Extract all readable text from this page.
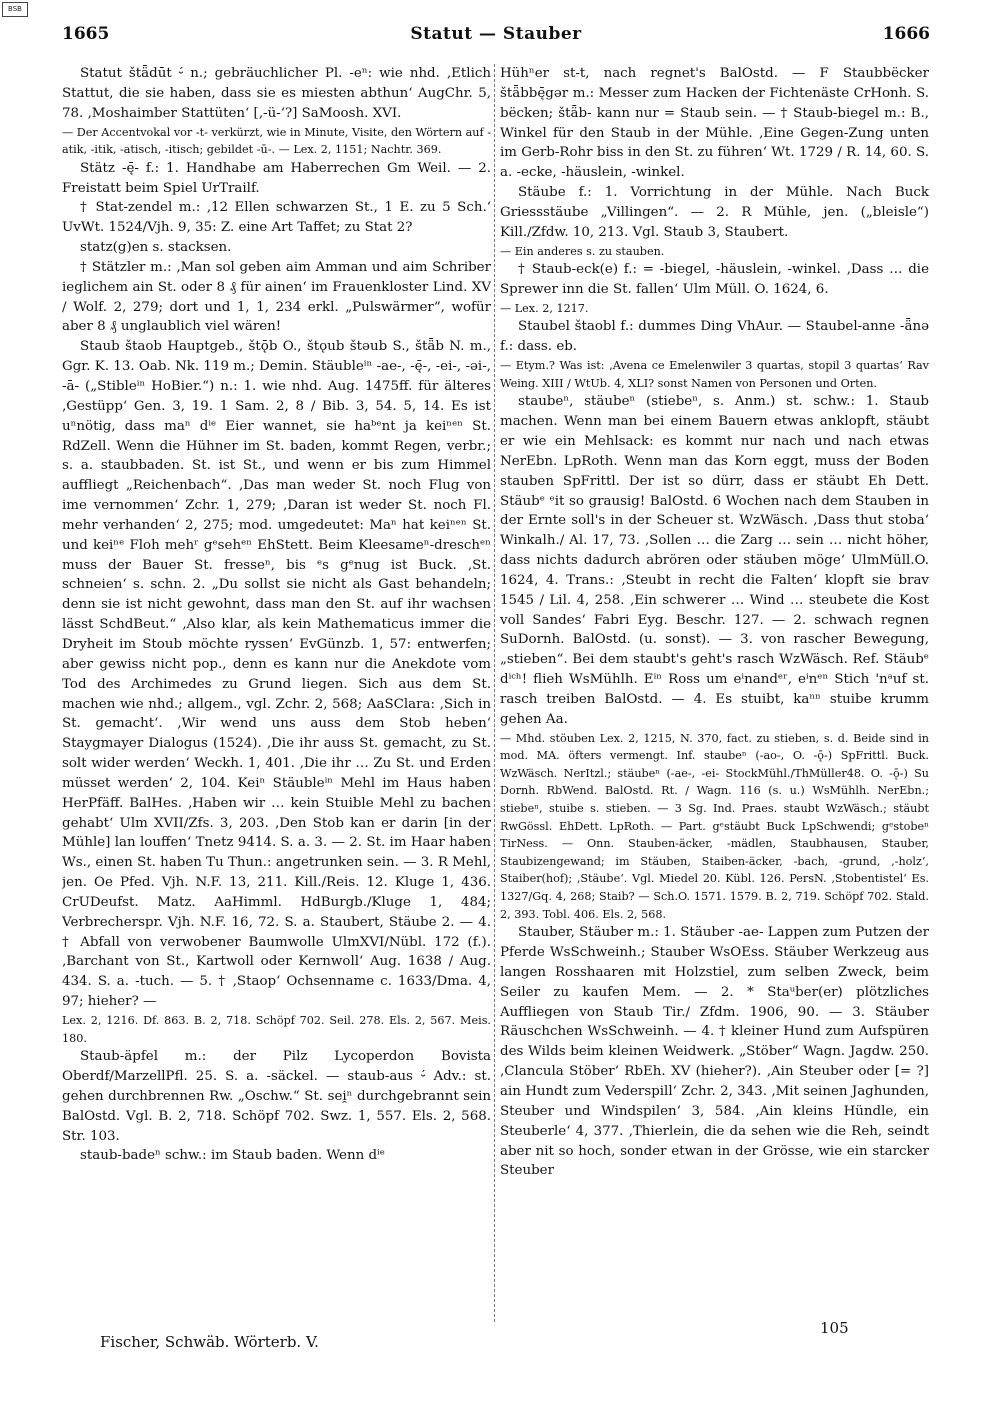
BSB
1665	Statut — Stauber	1666

Statut štǟdūt ⏑́ n.; gebräuchlicher Pl. -eⁿ: wie nhd. ‚Etlich Stattut, die sie haben, dass sie es miesten abthun‘ AugChr. 5, 78. ‚Moshaimber Stattüten‘ [‚-ü-‘?] SaMoosh. XVI.

— Der Accentvokal vor -t- verkürzt, wie in Minute, Visite, den Wörtern auf -atik, -itik, -atisch, -itisch; gebildet -ū-. — Lex. 2, 1151; Nachtr. 369.

Stätz -ę̄- f.: 1. Handhabe am Haberrechen Gm Weil. — 2. Freistatt beim Spiel UrTrailf.

† Stat-zendel m.: ‚12 Ellen schwarzen St., 1 E. zu 5 Sch.‘ UvWt. 1524/Vjh. 9, 35: Z. eine Art Taffet; zu Stat 2?

statz(g)en s. stacksen.

† Stätzler m.: ‚Man sol geben aim Amman und aim Schriber ieglichem ain St. oder 8 ₰ für ainen‘ im Frauenkloster Lind. XV / Wolf. 2, 279; dort und 1, 1, 234 erkl. „Pulswärmer“, wofür aber 8 ₰ unglaublich viel wären!

Staub štaob Hauptgeb., štǭb O., štǫub štəub S., štǟb N. m., Ggr. K. 13. Oab. Nk. 119 m.; Demin. Stäubleⁱⁿ -ae-, -ę̄-, -ei-, -əi-, -ā- („Stibleⁱⁿ HoBier.“) n.: 1. wie nhd. Aug. 1475ff. für älteres ‚Gestüpp‘ Gen. 3, 19. 1 Sam. 2, 8 / Bib. 3, 54. 5, 14. Es ist uⁿnötig, dass maⁿ dⁱᵉ Eier wannet, sie haᵇᵉnt ja keiⁿᵉⁿ St. RdZell. Wenn die Hühner im St. baden, kommt Regen, verbr.; s. a. staubbaden. St. ist St., und wenn er bis zum Himmel auffliegt „Reichenbach“. ‚Das man weder St. noch Flug von ime vernommen‘ Zchr. 1, 279; ‚Daran ist weder St. noch Fl. mehr verhanden‘ 2, 275; mod. umgedeutet: Maⁿ hat keiⁿᵉⁿ St. und keiⁿᵉ Floh mehʳ gᵉsehᵉⁿ EhStett. Beim Kleesameⁿ-dreschᵉⁿ muss der Bauer St. fresseⁿ, bis ᵉs gᵉnug ist Buck. ‚St. schneien‘ s. schn. 2. „Du sollst sie nicht als Gast behandeln; denn sie ist nicht gewohnt, dass man den St. auf ihr wachsen lässt SchdBeut.“ ‚Also klar, als kein Mathematicus immer die Dryheit im Stoub möchte ryssen‘ EvGünzb. 1, 57: entwerfen; aber gewiss nicht pop., denn es kann nur die Anekdote vom Tod des Archimedes zu Grund liegen. Sich aus dem St. machen wie nhd.; allgem., vgl. Zchr. 2, 568; AaSClara: ‚Sich in St. gemacht‘. ‚Wir wend uns auss dem Stob heben‘ Staygmayer Dialogus (1524). ‚Die ihr auss St. gemacht, zu St. solt wider werden‘ Weckh. 1, 401. ‚Die ihr … Zu St. und Erden müsset werden‘ 2, 104. Keiⁿ Stäubleⁱⁿ Mehl im Haus haben HerPfäff. BalHes. ‚Haben wir … kein Stuible Mehl zu bachen gehabt‘ Ulm XVII/Zfs. 3, 203. ‚Den Stob kan er darin [in der Mühle] lan louffen‘ Tnetz 9414. S. a. 3. — 2. St. im Haar haben Ws., einen St. haben Tu Thun.: angetrunken sein. — 3. R Mehl, jen. Oe Pfed. Vjh. N.F. 13, 211. Kill./Reis. 12. Kluge 1, 436. CrUDeufst. Matz. AaHimml. HdBurgb./Kluge 1, 484; Verbrecherspr. Vjh. N.F. 16, 72. S. a. Staubert, Stäube 2. — 4. † Abfall von verwobener Baumwolle UlmXVI/Nübl. 172 (f.). ‚Barchant von St., Kartwoll oder Kernwoll‘ Aug. 1638 / Aug. 434. S. a. -tuch. — 5. † ‚Staop‘ Ochsenname c. 1633/Dma. 4, 97; hieher? —

Lex. 2, 1216. Df. 863. B. 2, 718. Schöpf 702. Seil. 278. Els. 2, 567. Meis. 180.

Staub-äpfel m.: der Pilz Lycoperdon Bovista Oberdf/MarzellPfl. 25. S. a. -säckel. — staub-aus ⏑́ Adv.: st. gehen durchbrennen Rw. „Oschw.“ St. sei̯ⁿ durchgebrannt sein BalOstd. Vgl. B. 2, 718. Schöpf 702. Swz. 1, 557. Els. 2, 568. Str. 103.

staub-badeⁿ schw.: im Staub baden. Wenn dⁱᵉ

Hühⁿer st-t, nach regnet's BalOstd. — F Staubbëcker štǟbbę̄gər m.: Messer zum Hacken der Fichtenäste CrHonh. S. bëcken; štǟb- kann nur = Staub sein. — † Staub-biegel m.: B., Winkel für den Staub in der Mühle. ‚Eine Gegen-Zung unten im Gerb-Rohr biss in den St. zu führen‘ Wt. 1729 / R. 14, 60. S. a. -ecke, -häuslein, -winkel.

Stäube f.: 1. Vorrichtung in der Mühle. Nach Buck Griessstäube „Villingen“. — 2. R Mühle, jen. („bleisle“) Kill./Zfdw. 10, 213. Vgl. Staub 3, Staubert.

— Ein anderes s. zu stauben.

† Staub-eck(e) f.: = -biegel, -häuslein, -winkel. ‚Dass … die Sprewer inn die St. fallen‘ Ulm Müll. O. 1624, 6.

— Lex. 2, 1217.

Staubel štaobl f.: dummes Ding VhAur. — Staubel-anne -ǟnə f.: dass. eb.

— Etym.? Was ist: ‚Avena ce Emelenwiler 3 quartas, stopil 3 quartas‘ Rav Weing. XIII / WtUb. 4, XLI? sonst Namen von Personen und Orten.

staubeⁿ, stäubeⁿ (stiebeⁿ, s. Anm.) st. schw.: 1. Staub machen. Wenn man bei einem Bauern etwas anklopft, stäubt er wie ein Mehlsack: es kommt nur nach und nach etwas NerEbn. LpRoth. Wenn man das Korn eggt, muss der Boden stauben SpFrittl. Der ist so dürr, dass er stäubt Eh Dett. Stäubᵉ ᵉit so grausig! BalOstd. 6 Wochen nach dem Stauben in der Ernte soll's in der Scheuer st. WzWäsch. ‚Dass thut stoba‘ Winkalh./ Al. 17, 73. ‚Sollen … die Zarg … sein … nicht höher, dass nichts dadurch abrören oder stäuben möge‘ UlmMüll.O. 1624, 4. Trans.: ‚Steubt in recht die Falten‘ klopft sie brav 1545 / Lil. 4, 258. ‚Ein schwerer … Wind … steubete die Kost voll Sandes‘ Fabri Eyg. Beschr. 127. — 2. schwach regnen SuDornh. BalOstd. (u. sonst). — 3. von rascher Bewegung, „stieben“. Bei dem staubt's geht's rasch WzWäsch. Ref. Stäubᵉ dⁱᶜʰ! flieh WsMühlh. Eⁱⁿ Ross um eⁱnandᵉʳ, eⁱnᵉⁿ Stich 'nᵃuf st. rasch treiben BalOstd. — 4. Es stuibt, kaⁿⁿ stuibe krumm gehen Aa.

— Mhd. stöuben Lex. 2, 1215, N. 370, fact. zu stieben, s. d. Beide sind in mod. MA. öfters vermengt. Inf. staubeⁿ (-ao-, O. -ǭ-) SpFrittl. Buck. WzWäsch. NerItzl.; stäubeⁿ (-ae-, -ei- StockMühl./ThMüller48. O. -ǭ-) Su Dornh. RbWend. BalOstd. Rt. / Wagn. 116 (s. u.) WsMühlh. NerEbn.; stiebeⁿ, stuibe s. stieben. — 3 Sg. Ind. Praes. staubt WzWäsch.; stäubt RwGössl. EhDett. LpRoth. — Part. gᵉstäubt Buck LpSchwendi; gᵉstobeⁿ TirNess. — Onn. Stauben-äcker, -mädlen, Staubhausen, Stauber, Staubizengewand; im Stäuben, Staiben-äcker, -bach, -grund, ‚-holz‘, Staiber(hof); ‚Stäube‘. Vgl. Miedel 20. Kübl. 126. PersN. ‚Stobentistel‘ Es. 1327/Gq. 4, 268; Staib? — Sch.O. 1571. 1579. B. 2, 719. Schöpf 702. Stald. 2, 393. Tobl. 406. Els. 2, 568.

Stauber, Stäuber m.: 1. Stäuber -ae- Lappen zum Putzen der Pferde WsSchweinh.; Stauber WsOEss. Stäuber Werkzeug aus langen Rosshaaren mit Holzstiel, zum selben Zweck, beim Seiler zu kaufen Mem. — 2. * Staᵘber(er) plötzliches Auffliegen von Staub Tir./ Zfdm. 1906, 90. — 3. Stäuber Räuschchen WsSchweinh. — 4. † kleiner Hund zum Aufspüren des Wilds beim kleinen Weidwerk. „Stöber“ Wagn. Jagdw. 250. ‚Clancula Stöber‘ RbEh. XV (hieher?). ‚Ain Steuber oder [= ?] ain Hundt zum Vederspill‘ Zchr. 2, 343. ‚Mit seinen Jaghunden, Steuber und Windspilen‘ 3, 584. ‚Ain kleins Hündle, ein Steuberle‘ 4, 377. ‚Thierlein, die da sehen wie die Reh, seindt aber nit so hoch, sonder etwan in der Grösse, wie ein starcker Steuber

Fischer, Schwäb. Wörterb. V.
105
